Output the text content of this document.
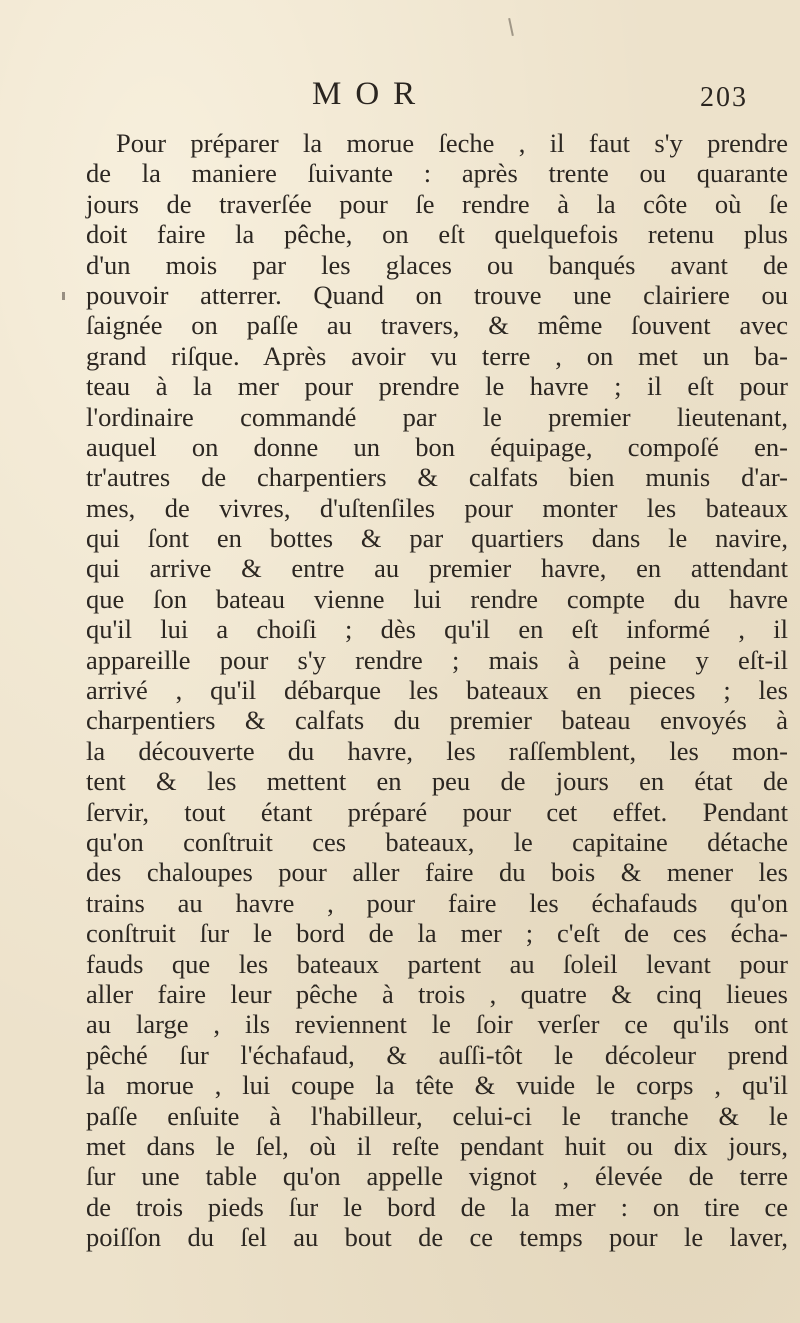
MOR	203
Pour préparer la morue ſeche , il faut s'y prendre
de la maniere ſuivante : après trente ou quarante
jours de traverſée pour ſe rendre à la côte où ſe
doit faire la pêche, on eſt quelquefois retenu plus
d'un mois par les glaces ou banqués avant de
pouvoir atterrer. Quand on trouve une clairiere ou
ſaignée on paſſe au travers, & même ſouvent avec
grand riſque. Après avoir vu terre , on met un ba-
teau à la mer pour prendre le havre ; il eſt pour
l'ordinaire commandé par le premier lieutenant,
auquel on donne un bon équipage, compoſé en-
tr'autres de charpentiers & calfats bien munis d'ar-
mes, de vivres, d'uſtenſiles pour monter les bateaux
qui ſont en bottes & par quartiers dans le navire,
qui arrive & entre au premier havre, en attendant
que ſon bateau vienne lui rendre compte du havre
qu'il lui a choiſi ; dès qu'il en eſt informé , il
appareille pour s'y rendre ; mais à peine y eſt-il
arrivé , qu'il débarque les bateaux en pieces ; les
charpentiers & calfats du premier bateau envoyés à
la découverte du havre, les raſſemblent, les mon-
tent & les mettent en peu de jours en état de
ſervir, tout étant préparé pour cet effet. Pendant
qu'on conſtruit ces bateaux, le capitaine détache
des chaloupes pour aller faire du bois & mener les
trains au havre , pour faire les échafauds qu'on
conſtruit ſur le bord de la mer ; c'eſt de ces écha-
fauds que les bateaux partent au ſoleil levant pour
aller faire leur pêche à trois , quatre & cinq lieues
au large , ils reviennent le ſoir verſer ce qu'ils ont
pêché ſur l'échafaud, & auſſi-tôt le décoleur prend
la morue , lui coupe la tête & vuide le corps , qu'il
paſſe enſuite à l'habilleur, celui-ci le tranche & le
met dans le ſel, où il reſte pendant huit ou dix jours,
ſur une table qu'on appelle vignot , élevée de terre
de trois pieds ſur le bord de la mer : on tire ce
poiſſon du ſel au bout de ce temps pour le laver,
